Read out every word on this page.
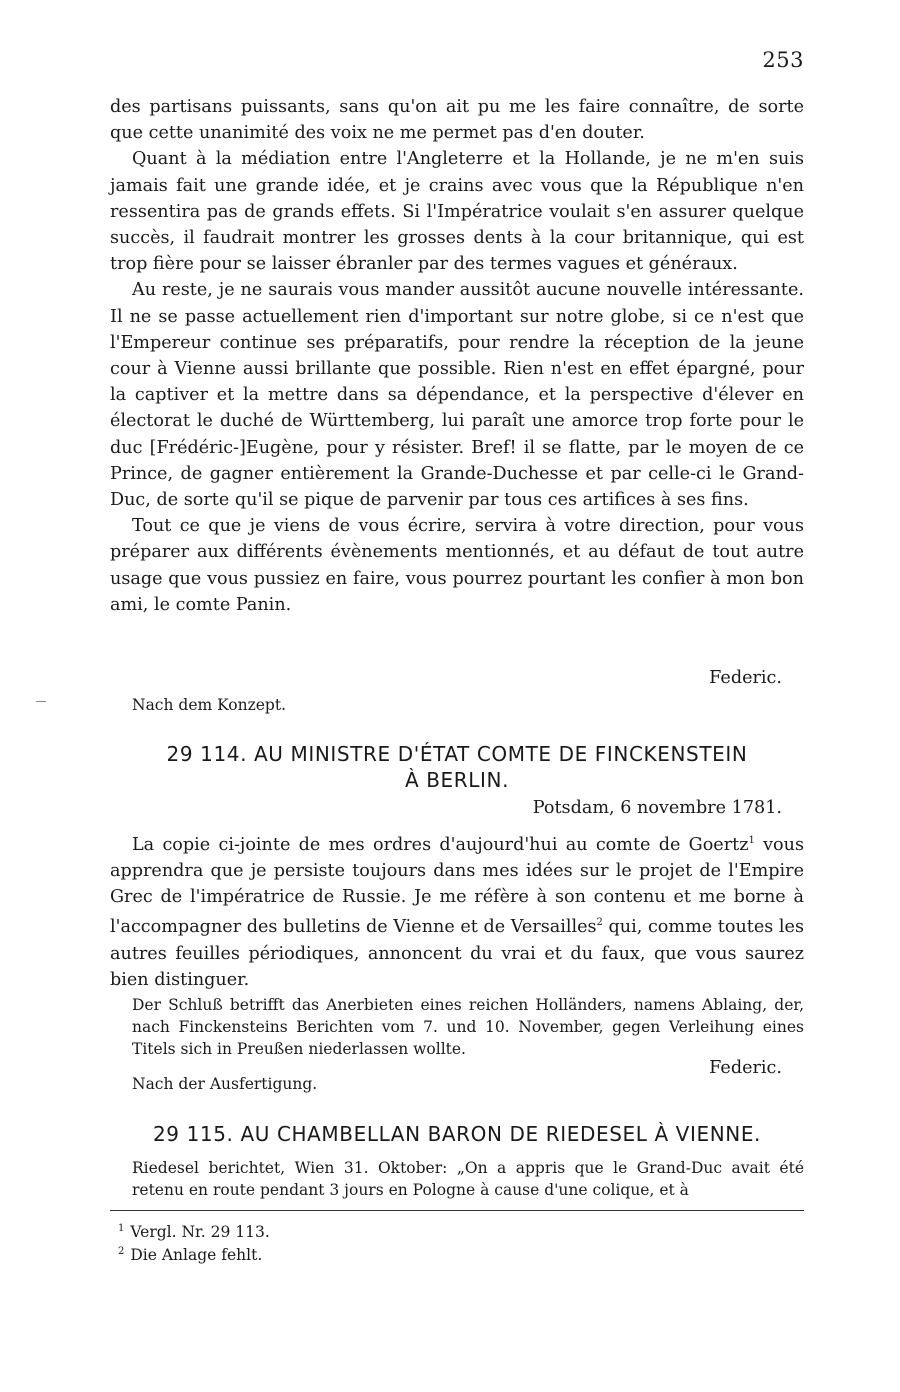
253

des partisans puissants, sans qu'on ait pu me les faire connaître, de sorte que cette unanimité des voix ne me permet pas d'en douter.

Quant à la médiation entre l'Angleterre et la Hollande, je ne m'en suis jamais fait une grande idée, et je crains avec vous que la République n'en ressentira pas de grands effets. Si l'Impératrice voulait s'en assurer quelque succès, il faudrait montrer les grosses dents à la cour britannique, qui est trop fière pour se laisser ébranler par des termes vagues et généraux.

Au reste, je ne saurais vous mander aussitôt aucune nouvelle intéressante. Il ne se passe actuellement rien d'important sur notre globe, si ce n'est que l'Empereur continue ses préparatifs, pour rendre la réception de la jeune cour à Vienne aussi brillante que possible. Rien n'est en effet épargné, pour la captiver et la mettre dans sa dépendance, et la perspective d'élever en électorat le duché de Württemberg, lui paraît une amorce trop forte pour le duc [Frédéric-]Eugène, pour y résister. Bref! il se flatte, par le moyen de ce Prince, de gagner entièrement la Grande-Duchesse et par celle-ci le Grand-Duc, de sorte qu'il se pique de parvenir par tous ces artifices à ses fins.

Tout ce que je viens de vous écrire, servira à votre direction, pour vous préparer aux différents évènements mentionnés, et au défaut de tout autre usage que vous pussiez en faire, vous pourrez pourtant les confier à mon bon ami, le comte Panin.

Federic.
Nach dem Konzept.
29 114. AU MINISTRE D'ÉTAT COMTE DE FINCKENSTEIN
À BERLIN.
Potsdam, 6 novembre 1781.

La copie ci-jointe de mes ordres d'aujourd'hui au comte de Goertz$^1$ vous apprendra que je persiste toujours dans mes idées sur le projet de l'Empire Grec de l'impératrice de Russie. Je me réfère à son contenu et me borne à l'accompagner des bulletins de Vienne et de Versailles$^2$ qui, comme toutes les autres feuilles périodiques, annoncent du vrai et du faux, que vous saurez bien distinguer.

Der Schluß betrifft das Anerbieten eines reichen Holländers, namens Ablaing, der, nach Finckensteins Berichten vom 7. und 10. November, gegen Verleihung eines Titels sich in Preußen niederlassen wollte.
Federic.
Nach der Ausfertigung.
29 115. AU CHAMBELLAN BARON DE RIEDESEL À VIENNE.
Riedesel berichtet, Wien 31. Oktober: „On a appris que le Grand-Duc avait été retenu en route pendant 3 jours en Pologne à cause d'une colique, et à
$^1$ Vergl. Nr. 29 113.
$^2$ Die Anlage fehlt.
